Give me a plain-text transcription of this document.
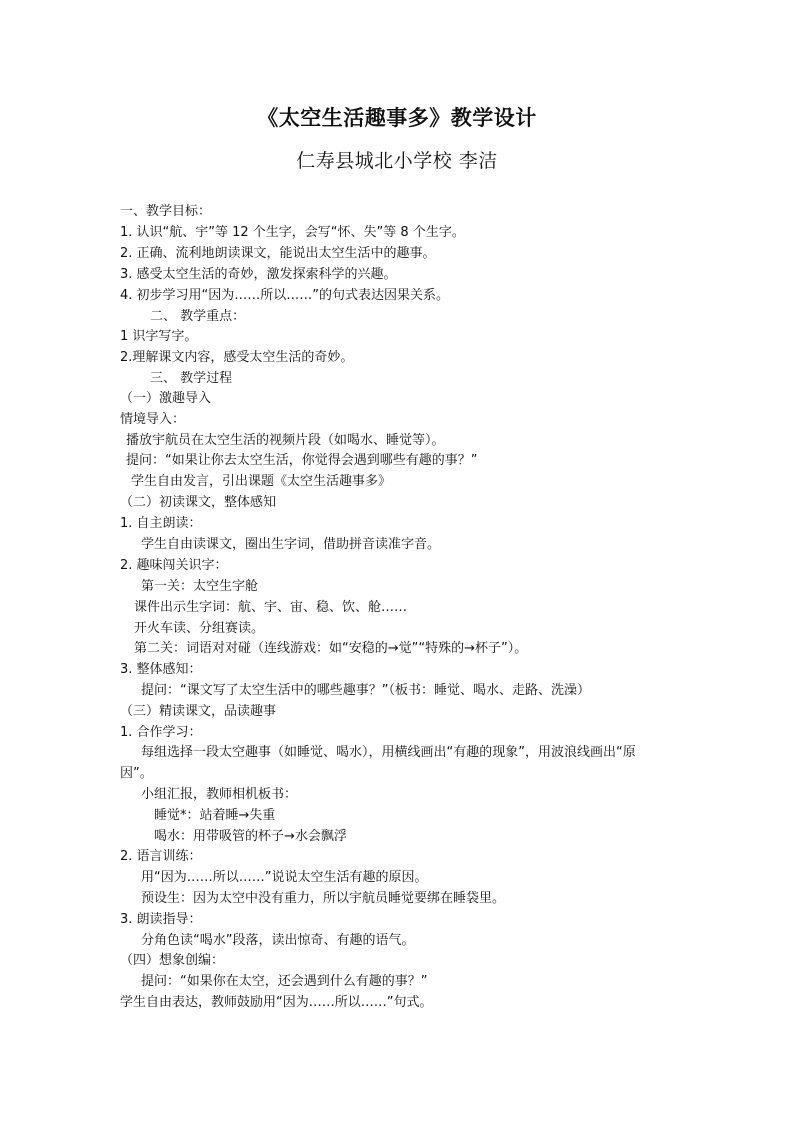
《太空生活趣事多》教学设计
仁寿县城北小学校 李洁
一、教学目标：
1. 认识“航、宇”等 12 个生字，会写“怀、失”等 8 个生字。
2. 正确、流利地朗读课文，能说出太空生活中的趣事。
3. 感受太空生活的奇妙，激发探索科学的兴趣。
4. 初步学习用“因为……所以……”的句式表达因果关系。
二、 教学重点：
1 识字写字。
2.理解课文内容，感受太空生活的奇妙。
三、 教学过程
（一）激趣导入
情境导入：
播放宇航员在太空生活的视频片段（如喝水、睡觉等）。
提问：“如果让你去太空生活，你觉得会遇到哪些有趣的事？”
学生自由发言，引出课题《太空生活趣事多》
（二）初读课文，整体感知
1. 自主朗读：
学生自由读课文，圈出生字词，借助拼音读准字音。
2. 趣味闯关识字：
第一关：太空生字舱
课件出示生字词：航、宇、宙、稳、饮、舱……
开火车读、分组赛读。
第二关：词语对对碰（连线游戏：如“安稳的→觉”“特殊的→杯子”）。
3. 整体感知：
提问：“课文写了太空生活中的哪些趣事？”（板书：睡觉、喝水、走路、洗澡）
（三）精读课文，品读趣事
1. 合作学习：
每组选择一段太空趣事（如睡觉、喝水），用横线画出“有趣的现象”，用波浪线画出“原
因”。
小组汇报，教师相机板书：
睡觉*：站着睡→失重
喝水：用带吸管的杯子→水会飘浮
2. 语言训练：
用“因为……所以……”说说太空生活有趣的原因。
预设生：因为太空中没有重力，所以宇航员睡觉要绑在睡袋里。
3. 朗读指导：
分角色读“喝水”段落，读出惊奇、有趣的语气。
（四）想象创编：
提问：“如果你在太空，还会遇到什么有趣的事？”
学生自由表达，教师鼓励用“因为……所以……”句式。
